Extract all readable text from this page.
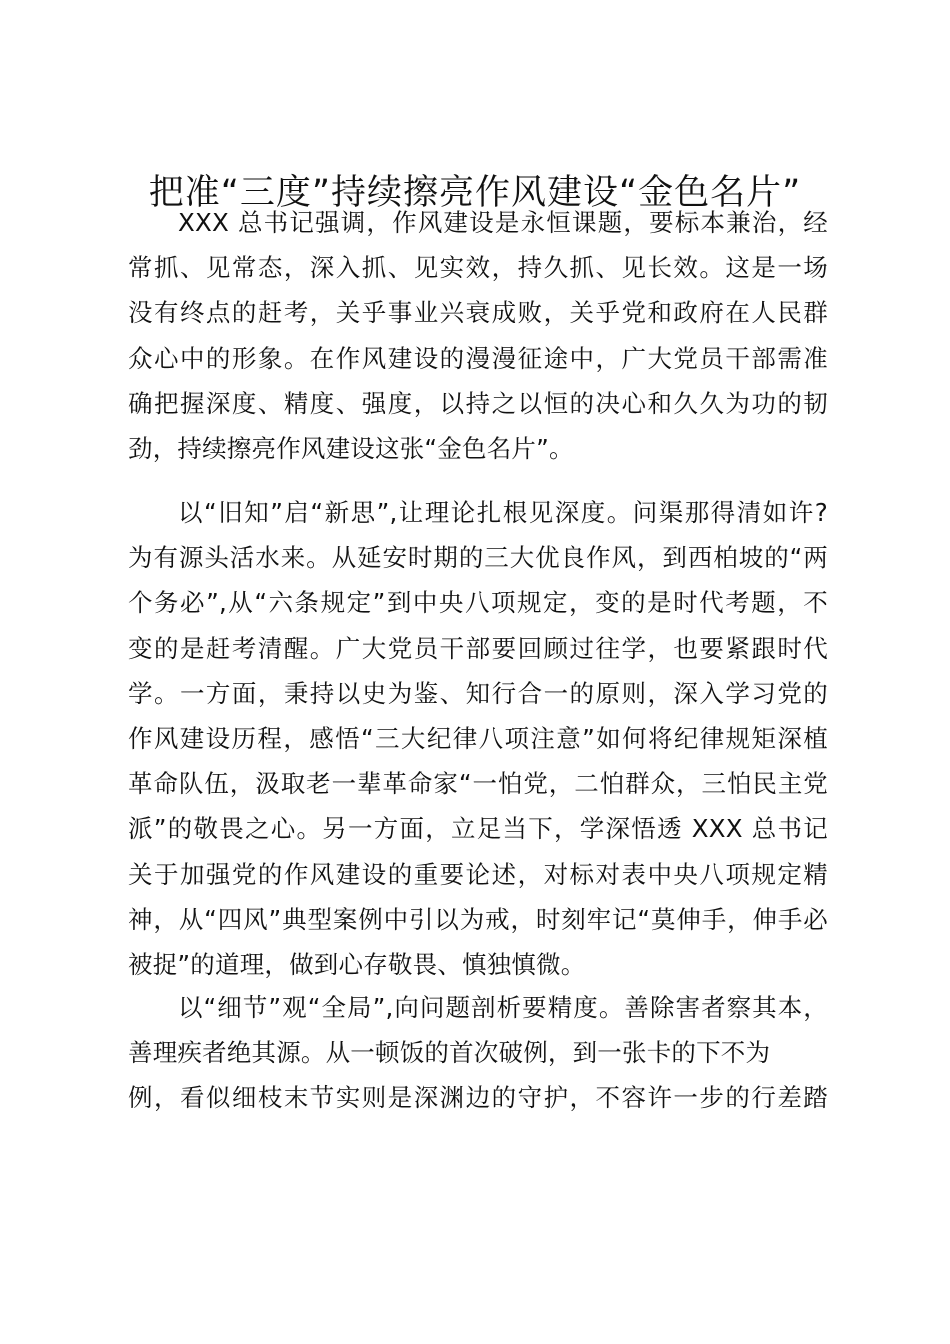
把准“三度”持续擦亮作风建设“金色名片”
XXX 总书记强调，作风建设是永恒课题，要标本兼治，经
常抓、见常态，深入抓、见实效，持久抓、见长效。这是一场
没有终点的赶考，关乎事业兴衰成败，关乎党和政府在人民群
众心中的形象。在作风建设的漫漫征途中，广大党员干部需准
确把握深度、精度、强度，以持之以恒的决心和久久为功的韧
劲，持续擦亮作风建设这张“金色名片”。
以“旧知”启“新思”,让理论扎根见深度。问渠那得清如许?
为有源头活水来。从延安时期的三大优良作风，到西柏坡的“两
个务必”,从“六条规定”到中央八项规定，变的是时代考题，不
变的是赶考清醒。广大党员干部要回顾过往学，也要紧跟时代
学。一方面，秉持以史为鉴、知行合一的原则，深入学习党的
作风建设历程，感悟“三大纪律八项注意”如何将纪律规矩深植
革命队伍，汲取老一辈革命家“一怕党，二怕群众，三怕民主党
派”的敬畏之心。另一方面，立足当下，学深悟透 XXX 总书记
关于加强党的作风建设的重要论述，对标对表中央八项规定精
神，从“四风”典型案例中引以为戒，时刻牢记“莫伸手，伸手必
被捉”的道理，做到心存敬畏、慎独慎微。
以“细节”观“全局”,向问题剖析要精度。善除害者察其本，
善理疾者绝其源。从一顿饭的首次破例，到一张卡的下不为
例，看似细枝末节实则是深渊边的守护，不容许一步的行差踏
